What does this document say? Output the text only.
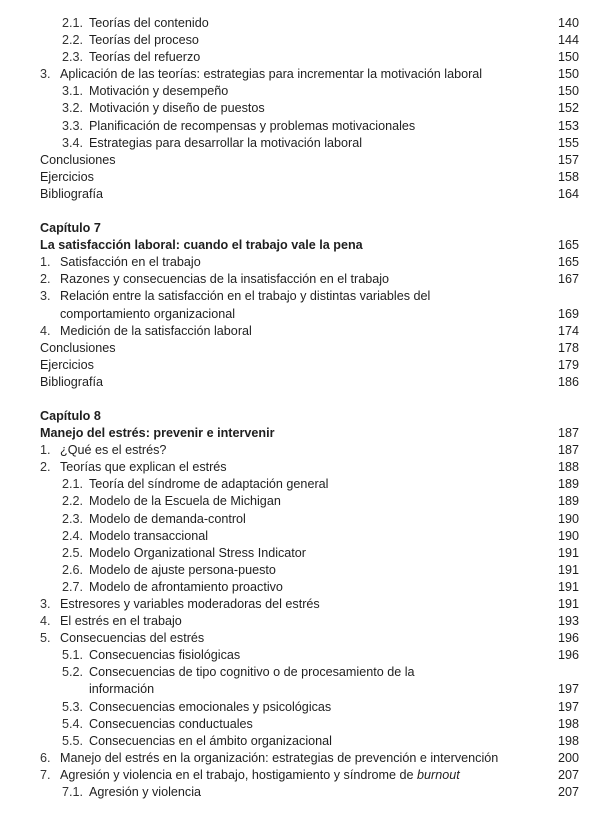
2.1. Teorías del contenido	140
2.2. Teorías del proceso	144
2.3. Teorías del refuerzo	150
3. Aplicación de las teorías: estrategias para incrementar la motivación laboral	150
3.1. Motivación y desempeño	150
3.2. Motivación y diseño de puestos	152
3.3. Planificación de recompensas y problemas motivacionales	153
3.4. Estrategias para desarrollar la motivación laboral	155
Conclusiones	157
Ejercicios	158
Bibliografía	164
Capítulo 7
La satisfacción laboral: cuando el trabajo vale la pena	165
1. Satisfacción en el trabajo	165
2. Razones y consecuencias de la insatisfacción en el trabajo	167
3. Relación entre la satisfacción en el trabajo y distintas variables del
comportamiento organizacional	169
4. Medición de la satisfacción laboral	174
Conclusiones	178
Ejercicios	179
Bibliografía	186
Capítulo 8
Manejo del estrés: prevenir e intervenir	187
1. ¿Qué es el estrés?	187
2. Teorías que explican el estrés	188
2.1. Teoría del síndrome de adaptación general	189
2.2. Modelo de la Escuela de Michigan	189
2.3. Modelo de demanda-control	190
2.4. Modelo transaccional	190
2.5. Modelo Organizational Stress Indicator	191
2.6. Modelo de ajuste persona-puesto	191
2.7. Modelo de afrontamiento proactivo	191
3. Estresores y variables moderadoras del estrés	191
4. El estrés en el trabajo	193
5. Consecuencias del estrés	196
5.1. Consecuencias fisiológicas	196
5.2. Consecuencias de tipo cognitivo o de procesamiento de la
información	197
5.3. Consecuencias emocionales y psicológicas	197
5.4. Consecuencias conductuales	198
5.5. Consecuencias en el ámbito organizacional	198
6. Manejo del estrés en la organización: estrategias de prevención e intervención	200
7. Agresión y violencia en el trabajo, hostigamiento y síndrome de burnout	207
7.1. Agresión y violencia	207
